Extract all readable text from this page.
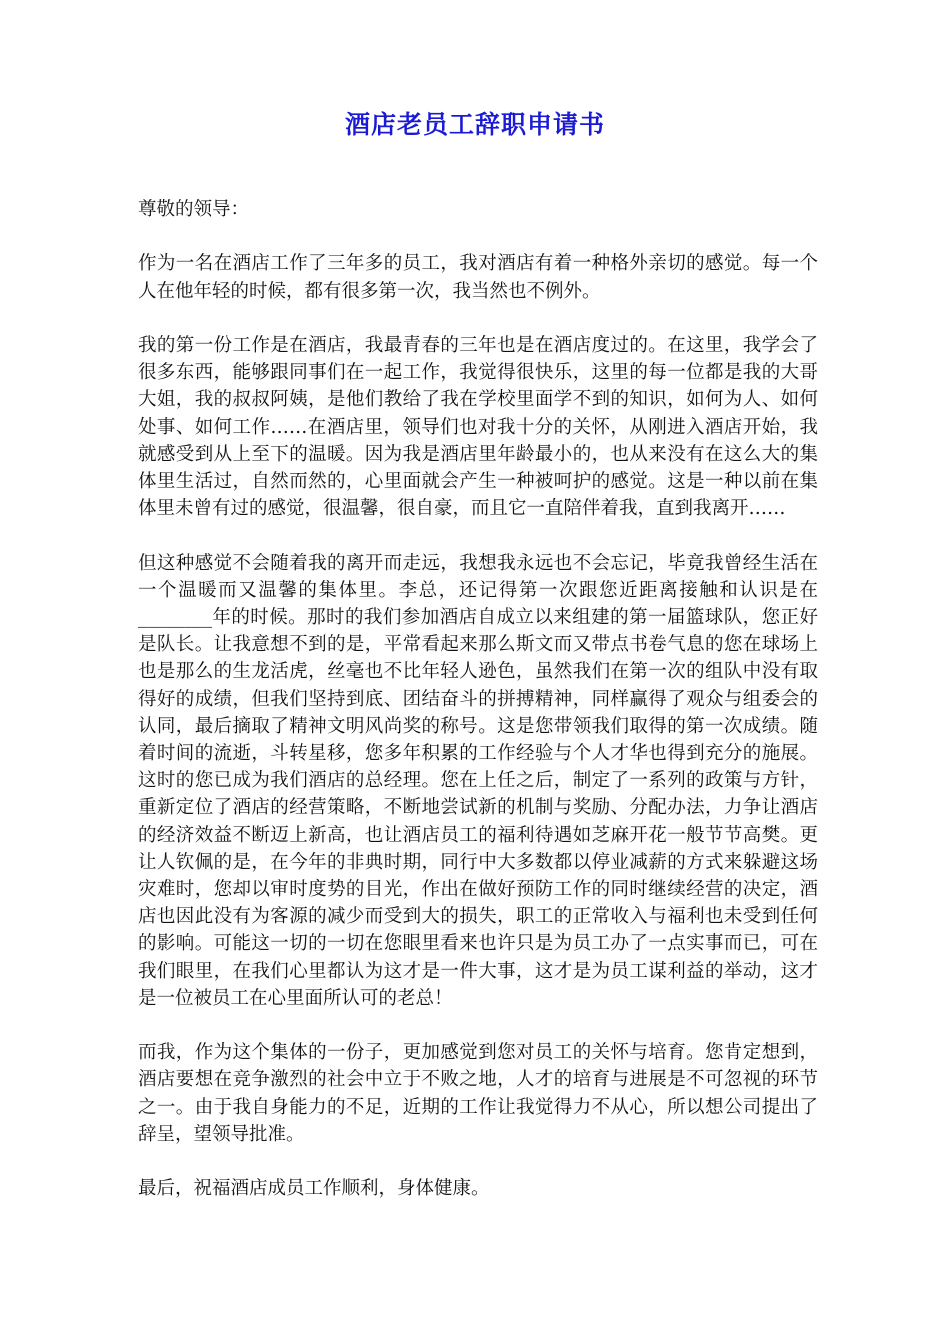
酒店老员工辞职申请书

尊敬的领导：

作为一名在酒店工作了三年多的员工，我对酒店有着一种格外亲切的感觉。每一个人在他年轻的时候，都有很多第一次，我当然也不例外。

我的第一份工作是在酒店，我最青春的三年也是在酒店度过的。在这里，我学会了很多东西，能够跟同事们在一起工作，我觉得很快乐，这里的每一位都是我的大哥大姐，我的叔叔阿姨，是他们教给了我在学校里面学不到的知识，如何为人、如何处事、如何工作……在酒店里，领导们也对我十分的关怀，从刚进入酒店开始，我就感受到从上至下的温暖。因为我是酒店里年龄最小的，也从来没有在这么大的集体里生活过，自然而然的，心里面就会产生一种被呵护的感觉。这是一种以前在集体里未曾有过的感觉，很温馨，很自豪，而且它一直陪伴着我，直到我离开……

但这种感觉不会随着我的离开而走远，我想我永远也不会忘记，毕竟我曾经生活在一个温暖而又温馨的集体里。李总，还记得第一次跟您近距离接触和认识是在________年的时候。那时的我们参加酒店自成立以来组建的第一届篮球队，您正好是队长。让我意想不到的是，平常看起来那么斯文而又带点书卷气息的您在球场上也是那么的生龙活虎，丝毫也不比年轻人逊色，虽然我们在第一次的组队中没有取得好的成绩，但我们坚持到底、团结奋斗的拼搏精神，同样赢得了观众与组委会的认同，最后摘取了精神文明风尚奖的称号。这是您带领我们取得的第一次成绩。随着时间的流逝，斗转星移，您多年积累的工作经验与个人才华也得到充分的施展。这时的您已成为我们酒店的总经理。您在上任之后，制定了一系列的政策与方针，重新定位了酒店的经营策略，不断地尝试新的机制与奖励、分配办法，力争让酒店的经济效益不断迈上新高，也让酒店员工的福利待遇如芝麻开花一般节节高樊。更让人钦佩的是，在今年的非典时期，同行中大多数都以停业减薪的方式来躲避这场灾难时，您却以审时度势的目光，作出在做好预防工作的同时继续经营的决定，酒店也因此没有为客源的减少而受到大的损失，职工的正常收入与福利也未受到任何的影响。可能这一切的一切在您眼里看来也许只是为员工办了一点实事而已，可在我们眼里，在我们心里都认为这才是一件大事，这才是为员工谋利益的举动，这才是一位被员工在心里面所认可的老总！

而我，作为这个集体的一份子，更加感觉到您对员工的关怀与培育。您肯定想到，酒店要想在竞争激烈的社会中立于不败之地，人才的培育与进展是不可忽视的环节之一。由于我自身能力的不足，近期的工作让我觉得力不从心，所以想公司提出了辞呈，望领导批准。

最后，祝福酒店成员工作顺利，身体健康。
